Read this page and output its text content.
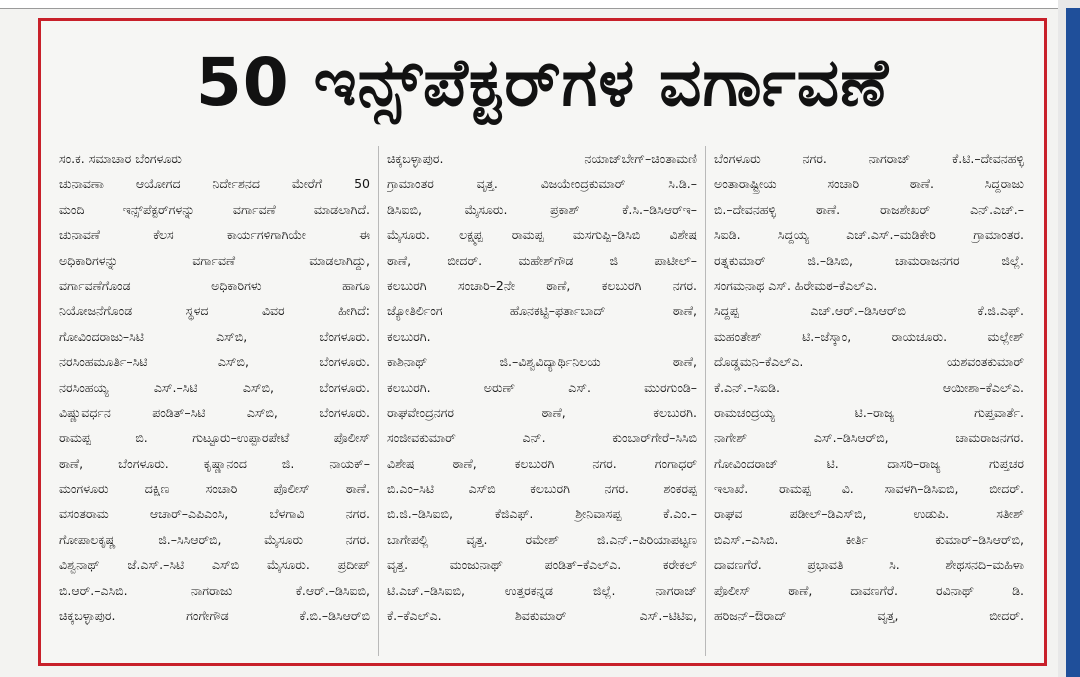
50 ಇನ್ಸ್‌ಪೆಕ್ಟರ್‌ಗಳ ವರ್ಗಾವಣೆ
ಸಂ.ಕ. ಸಮಾಚಾರ ಬೆಂಗಳೂರು
ಚುನಾವಣಾ ಆಯೋಗದ ನಿರ್ದೇಶನದ ಮೇರೆಗೆ 50
ಮಂದಿ ಇನ್ಸ್‌ಪೆಕ್ಟರ್‌ಗಳನ್ನು ವರ್ಗಾವಣೆ ಮಾಡಲಾಗಿದೆ.
ಚುನಾವಣೆ ಕೆಲಸ ಕಾರ್ಯಗಳಿಗಾಗಿಯೇ ಈ
ಅಧಿಕಾರಿಗಳನ್ನು ವರ್ಗಾವಣೆ ಮಾಡಲಾಗಿದ್ದು,
ವರ್ಗಾವಣೆಗೊಂಡ ಅಧಿಕಾರಿಗಳು ಹಾಗೂ
ನಿಯೋಜನೆಗೊಂಡ ಸ್ಥಳದ ವಿವರ ಹೀಗಿದೆ:
ಗೋವಿಂದರಾಜು–ಸಿಟಿ ಎಸ್‌ಬಿ, ಬೆಂಗಳೂರು.
ನರಸಿಂಹಮೂರ್ತಿ–ಸಿಟಿ ಎಸ್‌ಬಿ, ಬೆಂಗಳೂರು.
ನರಸಿಂಹಯ್ಯ ಎಸ್.–ಸಿಟಿ ಎಸ್‌ಬಿ, ಬೆಂಗಳೂರು.
ವಿಷ್ಣುವರ್ಧನ ಪಂಡಿತ್–ಸಿಟಿ ಎಸ್‌ಬಿ, ಬೆಂಗಳೂರು.
ರಾಮಪ್ಪ ಬಿ. ಗುಟ್ಟೂರು–ಉಪ್ಪಾರಪೇಟೆ ಪೊಲೀಸ್
ಠಾಣೆ, ಬೆಂಗಳೂರು. ಕೃಷ್ಣಾನಂದ ಜಿ. ನಾಯಕ್–
ಮಂಗಳೂರು ದಕ್ಷಿಣ ಸಂಚಾರಿ ಪೊಲೀಸ್ ಠಾಣೆ.
ವಸಂತರಾಮ ಆಚಾರ್–ಎಪಿಎಂಸಿ, ಬೆಳಗಾವಿ ನಗರ.
ಗೋಪಾಲಕೃಷ್ಣ ಜಿ.–ಸಿಸಿಆರ್‌ಬಿ, ಮೈಸೂರು ನಗರ.
ವಿಶ್ವನಾಥ್ ಜೆ.ಎಸ್.–ಸಿಟಿ ಎಸ್‌ಬಿ ಮೈಸೂರು. ಪ್ರದೀಪ್
ಬಿ.ಆರ್.–ಎಸಿಬಿ. ನಾಗರಾಜು ಕೆ.ಆರ್.–ಡಿಸಿಐಬಿ,
ಚಿಕ್ಕಬಳ್ಳಾಪುರ. ಗಂಗೇಗೌಡ ಕೆ.ಬಿ.–ಡಿಸಿಆರ್‌ಬಿ
ಚಿಕ್ಕಬಳ್ಳಾಪುರ. ನಯಾಜ್‌ಬೇಗ್–ಚಿಂತಾಮಣಿ
ಗ್ರಾಮಾಂತರ ವೃತ್ತ. ವಿಜಯೇಂದ್ರಕುಮಾರ್ ಸಿ.ಡಿ.–
ಡಿಸಿಐಬಿ, ಮೈಸೂರು. ಪ್ರಕಾಶ್ ಕೆ.ಸಿ.–ಡಿಸಿಆರ್‌ಇ–
ಮೈಸೂರು. ಲಕ್ಷ್ಮಪ್ಪ ರಾಮಪ್ಪ ಮಸಗುಪ್ಪಿ–ಡಿಸಿಬಿ ವಿಶೇಷ
ಠಾಣೆ, ಬೀದರ್. ಮಹೇಶ್‌ಗೌಡ ಜಿ ಪಾಟೀಲ್–
ಕಲಬುರಗಿ ಸಂಚಾರಿ–2ನೇ ಠಾಣೆ, ಕಲಬುರಗಿ ನಗರ.
ಜ್ಯೋತಿರ್ಲಿಂಗ ಹೊನಕಟ್ಟಿ–ಫರ್ತಾಬಾದ್ ಠಾಣೆ,
ಕಲಬುರಗಿ.
ಕಾಶಿನಾಥ್ ಜಿ.–ವಿಶ್ವವಿದ್ಯಾರ್ಥಿನಿಲಯ ಠಾಣೆ,
ಕಲಬುರಗಿ. ಅರುಣ್ ಎಸ್. ಮುರಗುಂಡಿ–
ರಾಘವೇಂದ್ರನಗರ ಠಾಣೆ, ಕಲಬುರಗಿ.
ಸಂಜೀವಕುಮಾರ್ ಎನ್. ಕುಂಬಾರ್‌ಗೇರೆ–ಸಿಸಿಬಿ
ವಿಶೇಷ ಠಾಣೆ, ಕಲಬುರಗಿ ನಗರ. ಗಂಗಾಧರ್
ಬಿ.ಎಂ–ಸಿಟಿ ಎಸ್‌ಬಿ ಕಲಬುರಗಿ ನಗರ. ಶಂಕರಪ್ಪ
ಬಿ.ಜಿ.–ಡಿಸಿಐಬಿ, ಕೆಜಿಎಫ್. ಶ್ರೀನಿವಾಸಪ್ಪ ಕೆ.ಎಂ.–
ಬಾಗೇಪಲ್ಲಿ ವೃತ್ತ. ರಮೇಶ್ ಜಿ.ಎನ್.–ಪಿರಿಯಾಪಟ್ಟಣ
ವೃತ್ತ. ಮಂಜುನಾಥ್ ಪಂಡಿತ್–ಕೆಎಲ್‌ಎ. ಕರೇಕಲ್
ಟಿ.ಎಚ್.–ಡಿಸಿಐಬಿ, ಉತ್ತರಕನ್ನಡ ಜಿಲ್ಲೆ. ನಾಗರಾಜ್
ಕೆ.–ಕೆಎಲ್‌ಎ. ಶಿವಕುಮಾರ್ ಎಸ್.–ಟಿಟಿಐ,
ಬೆಂಗಳೂರು ನಗರ. ನಾಗರಾಜ್ ಕೆ.ಟಿ.–ದೇವನಹಳ್ಳಿ
ಅಂತಾರಾಷ್ಟ್ರೀಯ ಸಂಚಾರಿ ಠಾಣೆ. ಸಿದ್ದರಾಜು
ಬಿ.–ದೇವನಹಳ್ಳಿ ಠಾಣೆ. ರಾಜಶೇಖರ್ ಎನ್.ಎಚ್.–
ಸಿಐಡಿ. ಸಿದ್ದಯ್ಯ ಎಚ್.ಎಸ್.–ಮಡಿಕೇರಿ ಗ್ರಾಮಾಂತರ.
ರತ್ನಕುಮಾರ್ ಜಿ.–ಡಿಸಿಬಿ, ಚಾಮರಾಜನಗರ ಜಿಲ್ಲೆ.
ಸಂಗಮನಾಥ ಎಸ್. ಹಿರೇಮಠ–ಕೆಎಲ್‌ಎ.
ಸಿದ್ದಪ್ಪ ಎಚ್.ಆರ್.–ಡಿಸಿಆರ್‌ಬಿ ಕೆ.ಜಿ.ಎಫ್.
ಮಹಂತೇಶ್ ಟಿ.–ಜೆಸ್ಕಾಂ, ರಾಯಚೂರು. ಮಲ್ಲೇಶ್
ದೊಡ್ಡಮನಿ–ಕೆಎಲ್‌ಎ. ಯಶವಂತಕುಮಾರ್
ಕೆ.ಎನ್.–ಸಿಐಡಿ. ಆಯೀಶಾ–ಕೆಎಲ್‌ಎ.
ರಾಮಚಂದ್ರಯ್ಯ ಟಿ.–ರಾಜ್ಯ ಗುಪ್ತವಾರ್ತೆ.
ನಾಗೇಶ್ ಎಸ್.–ಡಿಸಿಆರ್‌ಬಿ, ಚಾಮರಾಜನಗರ.
ಗೋವಿಂದರಾಜ್ ಟಿ. ದಾಸರಿ–ರಾಜ್ಯ ಗುಪ್ತಚರ
ಇಲಾಖೆ. ರಾಮಪ್ಪ ವಿ. ಸಾವಳಗಿ–ಡಿಸಿಐಬಿ, ಬೀದರ್.
ರಾಘವ ಪಡೀಲ್–ಡಿಎಸ್‌ಬಿ, ಉಡುಪಿ. ಸತೀಶ್
ಬಿಎಸ್.–ಎಸಿಬಿ. ಕೀರ್ತಿ ಕುಮಾರ್–ಡಿಸಿಆರ್‌ಬಿ,
ದಾವಣಗೆರೆ. ಪ್ರಭಾವತಿ ಸಿ. ಶೇಥಸನದಿ–ಮಹಿಳಾ
ಪೊಲೀಸ್ ಠಾಣೆ, ದಾವಣಗೆರೆ. ರವಿನಾಥ್ ಡಿ.
ಹರಿಜನ್–ಔರಾದ್ ವೃತ್ತ, ಬೀದರ್.
